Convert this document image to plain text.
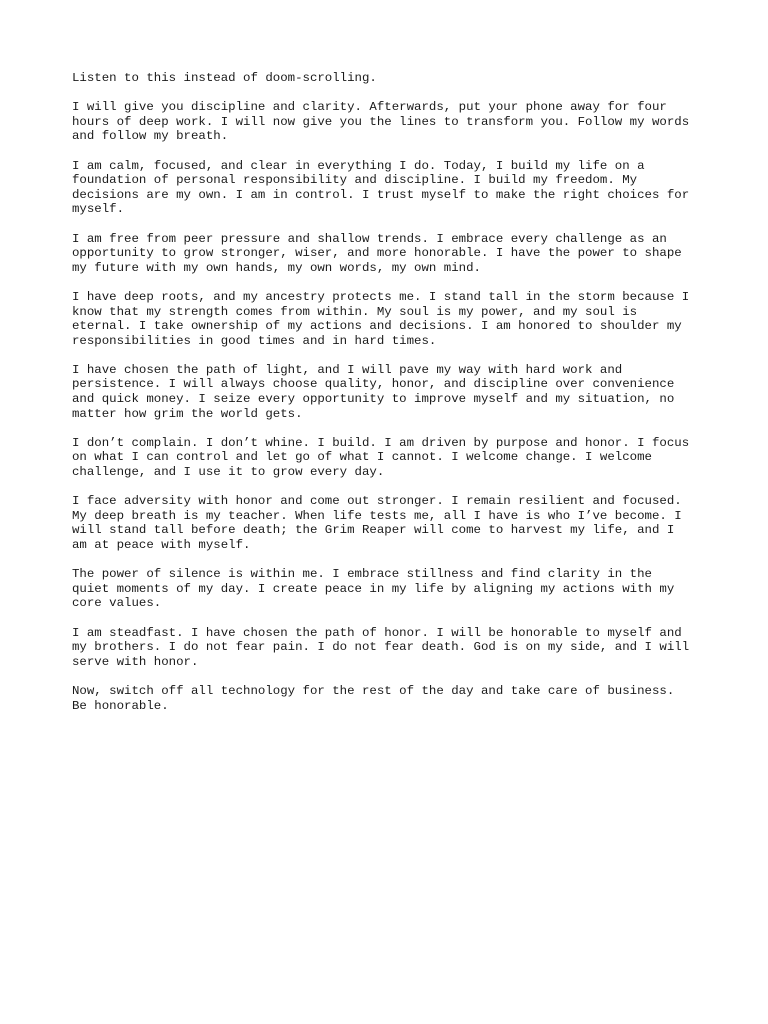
Listen to this instead of doom-scrolling.

I will give you discipline and clarity. Afterwards, put your phone away for four
hours of deep work. I will now give you the lines to transform you. Follow my words
and follow my breath.

I am calm, focused, and clear in everything I do. Today, I build my life on a
foundation of personal responsibility and discipline. I build my freedom. My
decisions are my own. I am in control. I trust myself to make the right choices for
myself.

I am free from peer pressure and shallow trends. I embrace every challenge as an
opportunity to grow stronger, wiser, and more honorable. I have the power to shape
my future with my own hands, my own words, my own mind.

I have deep roots, and my ancestry protects me. I stand tall in the storm because I
know that my strength comes from within. My soul is my power, and my soul is
eternal. I take ownership of my actions and decisions. I am honored to shoulder my
responsibilities in good times and in hard times.

I have chosen the path of light, and I will pave my way with hard work and
persistence. I will always choose quality, honor, and discipline over convenience
and quick money. I seize every opportunity to improve myself and my situation, no
matter how grim the world gets.

I don’t complain. I don’t whine. I build. I am driven by purpose and honor. I focus
on what I can control and let go of what I cannot. I welcome change. I welcome
challenge, and I use it to grow every day.

I face adversity with honor and come out stronger. I remain resilient and focused.
My deep breath is my teacher. When life tests me, all I have is who I’ve become. I
will stand tall before death; the Grim Reaper will come to harvest my life, and I
am at peace with myself.

The power of silence is within me. I embrace stillness and find clarity in the
quiet moments of my day. I create peace in my life by aligning my actions with my
core values.

I am steadfast. I have chosen the path of honor. I will be honorable to myself and
my brothers. I do not fear pain. I do not fear death. God is on my side, and I will
serve with honor.

Now, switch off all technology for the rest of the day and take care of business.
Be honorable.
